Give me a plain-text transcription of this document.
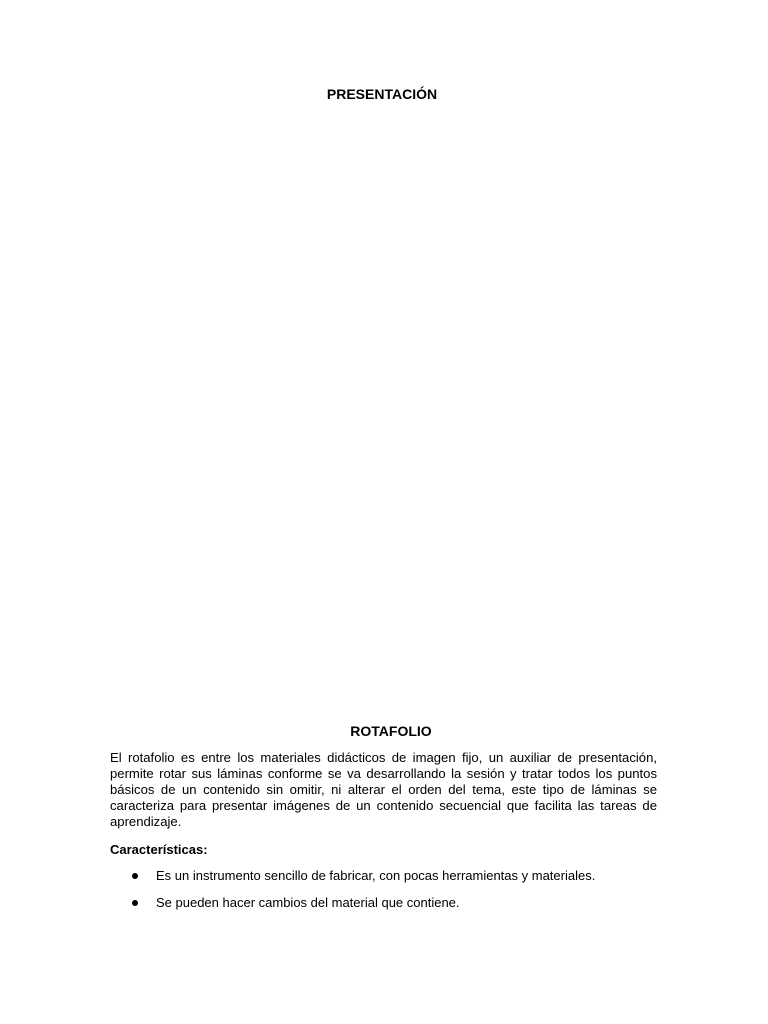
PRESENTACIÓN
ROTAFOLIO

El rotafolio es entre los materiales didácticos de imagen fijo, un auxiliar de presentación, permite rotar sus láminas conforme se va desarrollando la sesión y tratar todos los puntos básicos de un contenido sin omitir, ni alterar el orden del tema, este tipo de láminas se caracteriza para presentar imágenes de un contenido secuencial que facilita las tareas de aprendizaje.

Características:

Es un instrumento sencillo de fabricar, con pocas herramientas y materiales.
Se pueden hacer cambios del material que contiene.
